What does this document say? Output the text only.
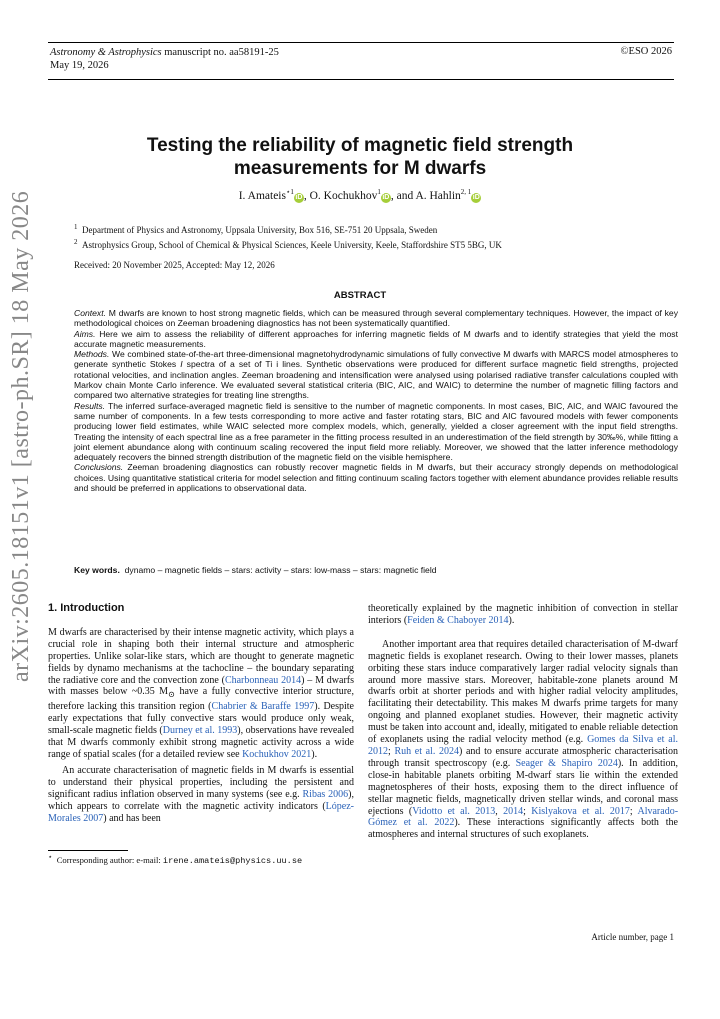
Astronomy & Astrophysics manuscript no. aa58191-25
May 19, 2026
©ESO 2026
arXiv:2605.18151v1 [astro-ph.SR] 18 May 2026
Testing the reliability of magnetic field strength
measurements for M dwarfs
I. Amateis$^{⋆1}$iD , O. Kochukhov$^1$iD , and A. Hahlin$^{2, 1}$iD
$^1$ Department of Physics and Astronomy, Uppsala University, Box 516, SE-751 20 Uppsala, Sweden
$^2$ Astrophysics Group, School of Chemical & Physical Sciences, Keele University, Keele, Staffordshire ST5 5BG, UK
Received: 20 November 2025, Accepted: May 12, 2026
ABSTRACT

Context. M dwarfs are known to host strong magnetic fields, which can be measured through several complementary techniques. However, the impact of key methodological choices on Zeeman broadening diagnostics has not been systematically quantified.

Aims. Here we aim to assess the reliability of different approaches for inferring magnetic fields of M dwarfs and to identify strategies that yield the most accurate magnetic measurements.

Methods. We combined state-of-the-art three-dimensional magnetohydrodynamic simulations of fully convective M dwarfs with MARCS model atmospheres to generate synthetic Stokes I spectra of a set of Ti i lines. Synthetic observations were produced for different surface magnetic field strengths, projected rotational velocities, and inclination angles. Zeeman broadening and intensification were analysed using polarised radiative transfer calculations coupled with Markov chain Monte Carlo inference. We evaluated several statistical criteria (BIC, AIC, and WAIC) to determine the number of magnetic filling factors and compared two alternative strategies for treating line strengths.

Results. The inferred surface-averaged magnetic field is sensitive to the number of magnetic components. In most cases, BIC, AIC, and WAIC favoured the same number of components. In a few tests corresponding to more active and faster rotating stars, BIC and AIC favoured models with fewer components producing lower field estimates, while WAIC selected more complex models, which, generally, yielded a closer agreement with the input field strengths. Treating the intensity of each spectral line as a free parameter in the fitting process resulted in an underestimation of the field strength by 30‰%, while fitting a joint element abundance along with continuum scaling recovered the input field more reliably. Moreover, we showed that the latter inference methodology adequately recovers the binned strength distribution of the magnetic field on the visible hemisphere.

Conclusions. Zeeman broadening diagnostics can robustly recover magnetic fields in M dwarfs, but their accuracy strongly depends on methodological choices. Using quantitative statistical criteria for model selection and fitting continuum scaling factors together with element abundance provides reliable results and should be preferred in applications to observational data.

Key words. dynamo – magnetic fields – stars: activity – stars: low-mass – stars: magnetic field
1. Introduction

M dwarfs are characterised by their intense magnetic activity, which plays a crucial role in shaping both their internal structure and atmospheric properties. Unlike solar-like stars, which are thought to generate magnetic fields by dynamo mechanisms at the tachocline – the boundary separating the radiative core and the convection zone (Charbonneau 2014) – M dwarfs with masses below ~0.35 $M_⊙$ have a fully convective interior structure, therefore lacking this transition region (Chabrier & Baraffe 1997). Despite early expectations that fully convective stars would produce only weak, small-scale magnetic fields (Durney et al. 1993), observations have revealed that M dwarfs commonly exhibit strong magnetic activity across a wide range of spatial scales (for a detailed review see Kochukhov 2021).

An accurate characterisation of magnetic fields in M dwarfs is essential to understand their physical properties, including the persistent and significant radius inflation observed in many systems (see e.g. Ribas 2006), which appears to correlate with the magnetic activity indicators (López-Morales 2007) and has been

theoretically explained by the magnetic inhibition of convection in stellar interiors (Feiden & Chaboyer 2014).

Another important area that requires detailed characterisation of M-dwarf magnetic fields is exoplanet research. Owing to their lower masses, planets orbiting these stars induce comparatively larger radial velocity signals than around more massive stars. Moreover, habitable-zone planets around M dwarfs orbit at shorter periods and with higher radial velocity amplitudes, facilitating their detectability. This makes M dwarfs prime targets for many ongoing and planned exoplanet studies. However, their magnetic activity must be taken into account and, ideally, mitigated to enable reliable detection of exoplanets using the radial velocity method (e.g. Gomes da Silva et al. 2012; Ruh et al. 2024) and to ensure accurate atmospheric characterisation through transit spectroscopy (e.g. Seager & Shapiro 2024). In addition, close-in habitable planets orbiting M-dwarf stars lie within the extended magnetospheres of their hosts, exposing them to the direct influence of stellar magnetic fields, magnetically driven stellar winds, and coronal mass ejections (Vidotto et al. 2013, 2014; Kislyakova et al. 2017; Alvarado-Gómez et al. 2022). These interactions significantly affects both the atmospheres and internal structures of such exoplanets.

⋆ Corresponding author: e-mail: irene.amateis@physics.uu.se
Article number, page 1
